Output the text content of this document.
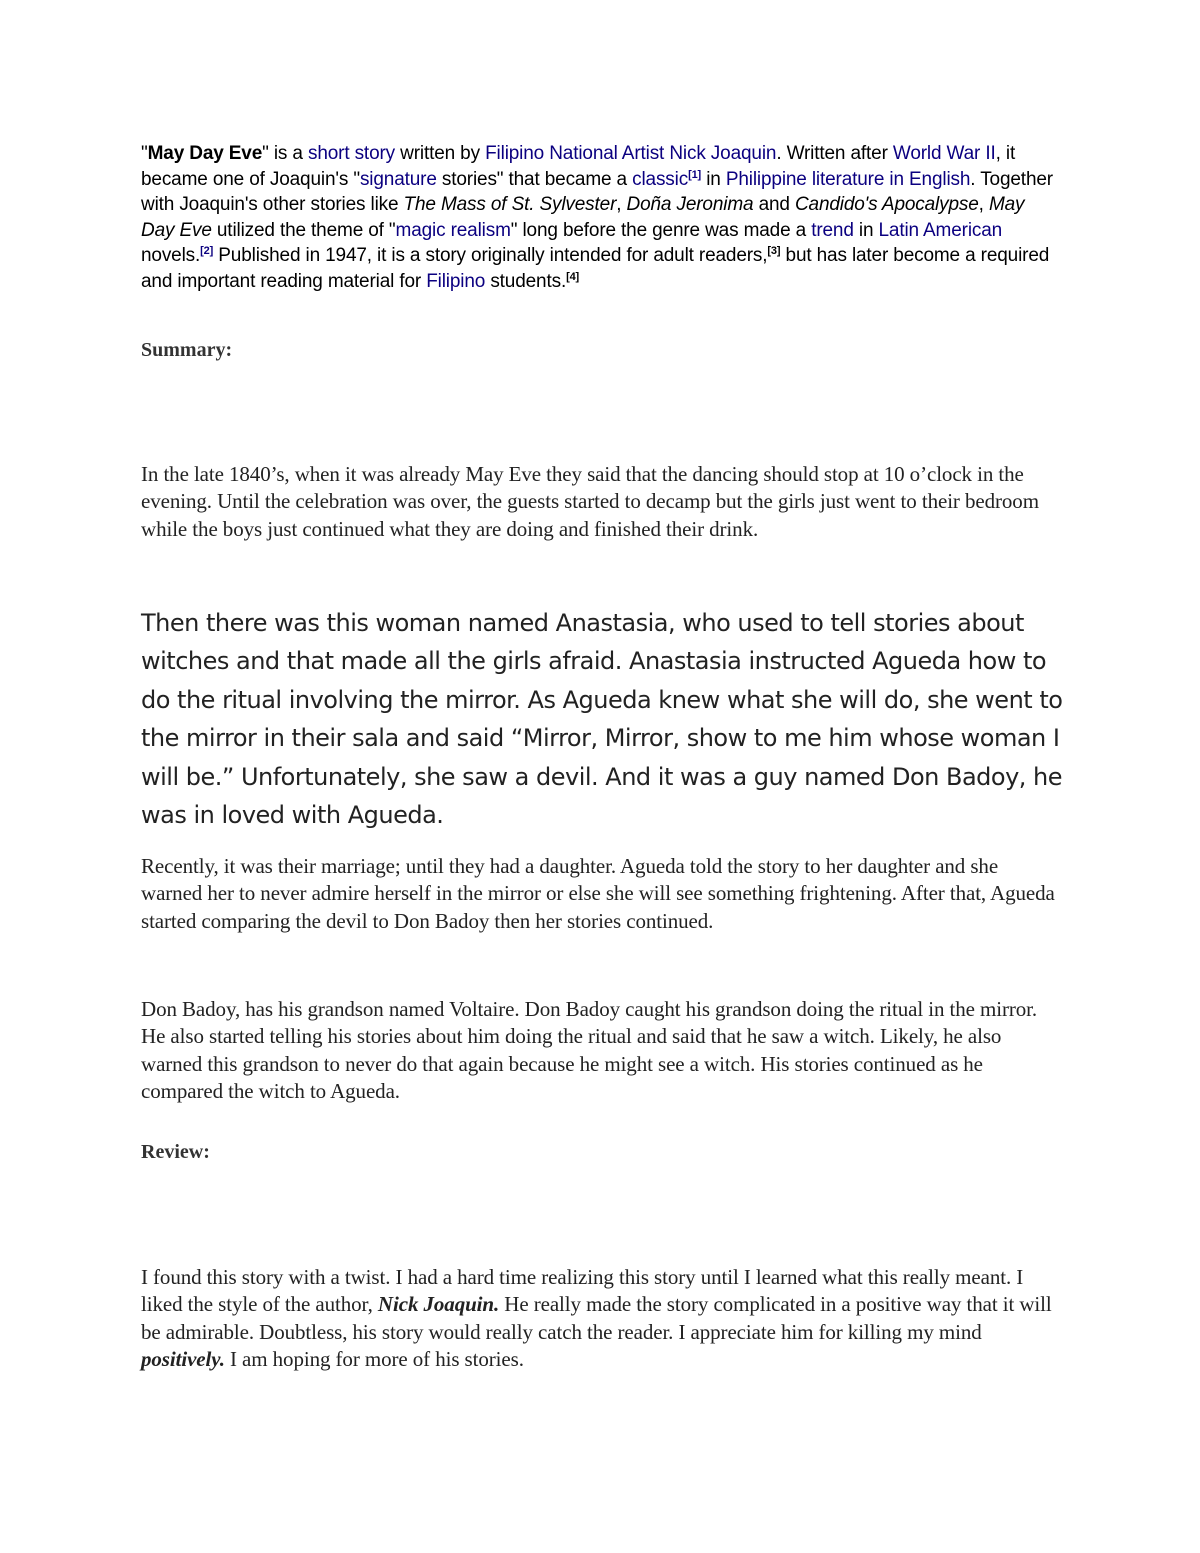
"May Day Eve" is a short story written by Filipino National Artist Nick Joaquin. Written after World War II, it became one of Joaquin's "signature stories" that became a classic[1] in Philippine literature in English. Together with Joaquin's other stories like The Mass of St. Sylvester, Doña Jeronima and Candido's Apocalypse, May Day Eve utilized the theme of "magic realism" long before the genre was made a trend in Latin American novels.[2] Published in 1947, it is a story originally intended for adult readers,[3] but has later become a required and important reading material for Filipino students.[4]

Summary:

In the late 1840’s, when it was already May Eve they said that the dancing should stop at 10 o’clock in the evening. Until the celebration was over, the guests started to decamp but the girls just went to their bedroom while the boys just continued what they are doing and finished their drink.

Then there was this woman named Anastasia, who used to tell stories about witches and that made all the girls afraid. Anastasia instructed Agueda how to do the ritual involving the mirror. As Agueda knew what she will do, she went to the mirror in their sala and said “Mirror, Mirror, show to me him whose woman I will be.” Unfortunately, she saw a devil. And it was a guy named Don Badoy, he was in loved with Agueda.

Recently, it was their marriage; until they had a daughter. Agueda told the story to her daughter and she warned her to never admire herself in the mirror or else she will see something frightening. After that, Agueda started comparing the devil to Don Badoy then her stories continued.

Don Badoy, has his grandson named Voltaire. Don Badoy caught his grandson doing the ritual in the mirror. He also started telling his stories about him doing the ritual and said that he saw a witch. Likely, he also warned this grandson to never do that again because he might see a witch. His stories continued as he compared the witch to Agueda.

Review:

I found this story with a twist. I had a hard time realizing this story until I learned what this really meant. I liked the style of the author, Nick Joaquin. He really made the story complicated in a positive way that it will be admirable. Doubtless, his story would really catch the reader. I appreciate him for killing my mind positively. I am hoping for more of his stories.
